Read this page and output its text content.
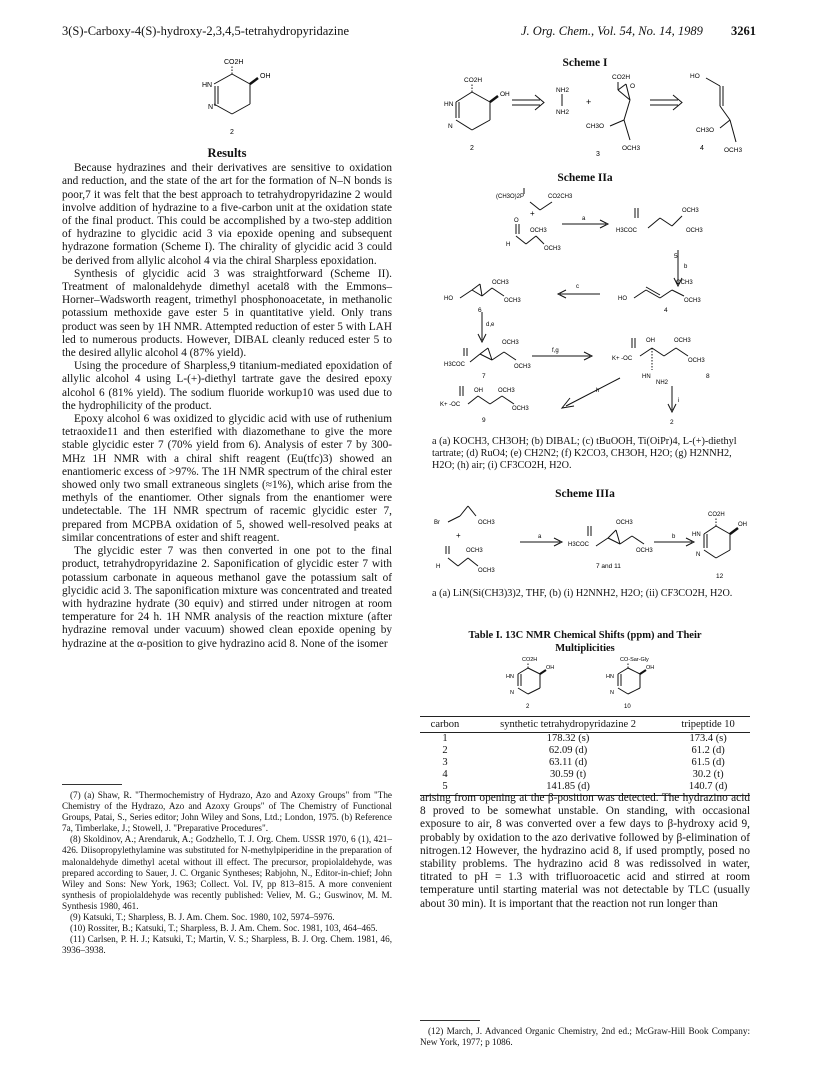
3(S)-Carboxy-4(S)-hydroxy-2,3,4,5-tetrahydropyridazine	J. Org. Chem., Vol. 54, No. 14, 1989 3261
CO2H
OH
HN
N
2
Results

Because hydrazines and their derivatives are sensitive to oxidation and reduction, and the state of the art for the formation of N–N bonds is poor,7 it was felt that the best approach to tetrahydropyridazine 2 would involve addition of hydrazine to a five-carbon unit at the oxidation state of the final product. This could be accomplished by a two-step addition of hydrazine to glycidic acid 3 via epoxide opening and subsequent hydrazone formation (Scheme I). The chirality of glycidic acid 3 could be derived from allylic alcohol 4 via the chiral Sharpless epoxidation.

Synthesis of glycidic acid 3 was straightforward (Scheme II). Treatment of malonaldehyde dimethyl acetal8 with the Emmons–Horner–Wadsworth reagent, trimethyl phosphonoacetate, in methanolic potassium methoxide gave ester 5 in quantitative yield. Only trans product was seen by 1H NMR. Attempted reduction of ester 5 with LAH led to numerous products. However, DIBAL cleanly reduced ester 5 to the desired allylic alcohol 4 (87% yield).

Using the procedure of Sharpless,9 titanium-mediated epoxidation of allylic alcohol 4 using L-(+)-diethyl tartrate gave the desired epoxy alcohol 6 (81% yield). The sodium fluoride workup10 was used due to the hydrophilicity of the product.

Epoxy alcohol 6 was oxidized to glycidic acid with use of ruthenium tetraoxide11 and then esterified with diazomethane to give the more stable glycidic ester 7 (70% yield from 6). Analysis of ester 7 by 300-MHz 1H NMR with a chiral shift reagent (Eu(tfc)3) showed an enantiomeric excess of >97%. The 1H NMR spectrum of the chiral ester showed only two small extraneous singlets (≈1%), which arise from the methyls of the enantiomer. Other signals from the enantiomer were undetectable. The 1H NMR spectrum of racemic glycidic ester 7, prepared from MCPBA oxidation of 5, showed well-resolved peaks at similar concentrations of ester and shift reagent.

The glycidic ester 7 was then converted in one pot to the final product, tetrahydropyridazine 2. Saponification of glycidic ester 7 with potassium carbonate in aqueous methanol gave the potassium salt of glycidic acid 3. The saponification mixture was concentrated and treated with hydrazine hydrate (30 equiv) and stirred under nitrogen at room temperature for 24 h. 1H NMR analysis of the reaction mixture (after hydrazine removal under vacuum) showed clean epoxide opening by hydrazine at the α-position to give hydrazino acid 8. None of the isomer

(7) (a) Shaw, R. "Thermochemistry of Hydrazo, Azo and Azoxy Groups" from "The Chemistry of the Hydrazo, Azo and Azoxy Groups" of The Chemistry of Functional Groups, Patai, S., Series editor; John Wiley and Sons, Ltd.; London, 1975. (b) Reference 7a, Timberlake, J.; Stowell, J. "Preparative Procedures".

(8) Skoldinov, A.; Arendaruk, A.; Godzhello, T. J. Org. Chem. USSR 1970, 6 (1), 421–426. Diisopropylethylamine was substituted for N-methylpiperidine in the preparation of malonaldehyde dimethyl acetal without ill effect. The precursor, propiolaldehyde, was prepared according to Sauer, J. C. Organic Syntheses; Rabjohn, N., Editor-in-chief; John Wiley and Sons: New York, 1963; Collect. Vol. IV, pp 813–815. A more convenient synthesis of propiolaldehyde was recently published: Veliev, M. G.; Guswinov, M. M. Synthesis 1980, 461.

(9) Katsuki, T.; Sharpless, B. J. Am. Chem. Soc. 1980, 102, 5974–5976.

(10) Rossiter, B.; Katsuki, T.; Sharpless, B. J. Am. Chem. Soc. 1981, 103, 464–465.

(11) Carlsen, P. H. J.; Katsuki, T.; Martin, V. S.; Sharpless, B. J. Org. Chem. 1981, 46, 3936–3938.

Scheme I
CO2H
OH
HN
N
NH2
NH2
+
CO2H
O
CH3O
OCH3
HO
CH3O
OCH3
2
3
4
Scheme IIa
(CH3O)2P	CO2CH3
O
+
OCH3
OCH3
H
a
H3COC
OCH3
OCH3
b
OCH3
HO	OCH3
c
HO
OCH3
OCH3
d,e
OCH3
H3COC	OCH3
f,g
K+ -OC
OH	OCH3
OCH3
HN
NH2
h
i
K+ -OC
OH	OCH3
OCH3
5
6	4
7	8
9	2
a (a) KOCH3, CH3OH; (b) DIBAL; (c) tBuOOH, Ti(OiPr)4, L-(+)-diethyl tartrate; (d) RuO4; (e) CH2N2; (f) K2CO3, CH3OH, H2O; (g) H2NNH2, H2O; (h) air; (i) CF3CO2H, H2O.
Scheme IIIa
Br	OCH3
+
OCH3
H
OCH3
a
H3COC
OCH3
OCH3
b
CO2H
OH
HN
N
7 and 11
12
a (a) LiN(Si(CH3)3)2, THF, (b) (i) H2NNH2, H2O; (ii) CF3CO2H, H2O.
Table I. 13C NMR Chemical Shifts (ppm) and Their Multiplicities
CO2H
OH
HN
N
2
CO-Sar-Gly
OH
HN
N
10
carbon	synthetic tetrahydropyridazine 2	tripeptide 10
1	178.32 (s)	173.4 (s)
2	62.09 (d)	61.2 (d)
3	63.11 (d)	61.5 (d)
4	30.59 (t)	30.2 (t)
5	141.85 (d)	140.7 (d)

arising from opening at the β-position was detected. The hydrazino acid 8 proved to be somewhat unstable. On standing, with occasional exposure to air, 8 was converted over a few days to β-hydroxy acid 9, probably by oxidation to the azo derivative followed by β-elimination of nitrogen.12 However, the hydrazino acid 8, if used promptly, posed no stability problems. The hydrazino acid 8 was redissolved in water, titrated to pH = 1.3 with trifluoroacetic acid and stirred at room temperature until starting material was not detectable by TLC (usually about 30 min). It is important that the reaction not run longer than

(12) March, J. Advanced Organic Chemistry, 2nd ed.; McGraw-Hill Book Company: New York, 1977; p 1086.
